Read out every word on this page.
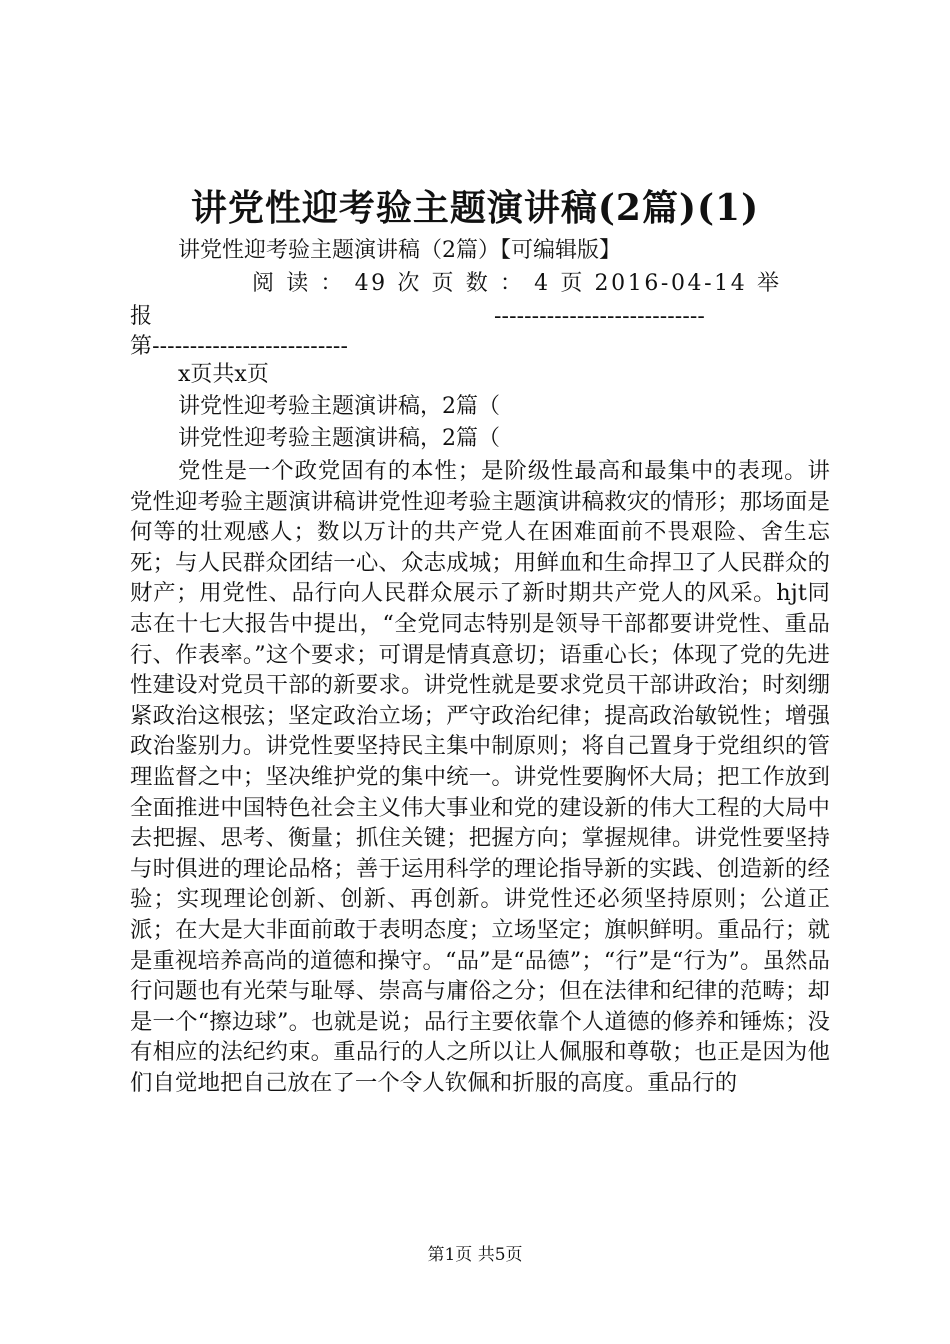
讲党性迎考验主题演讲稿(2篇)(1)
讲党性迎考验主题演讲稿（2篇）【可编辑版】
阅 读 ： 49 次 页 数 ： 4 页 2016-04-14 举
报	----------------------------
第--------------------------
x页共x页
讲党性迎考验主题演讲稿，2篇（
讲党性迎考验主题演讲稿，2篇（
党性是一个政党固有的本性；是阶级性最高和最集中的表现。讲党性迎考验主题演讲稿讲党性迎考验主题演讲稿救灾的情形；那场面是何等的壮观感人；数以万计的共产党人在困难面前不畏艰险、舍生忘死；与人民群众团结一心、众志成城；用鲜血和生命捍卫了人民群众的财产；用党性、品行向人民群众展示了新时期共产党人的风采。hjt同志在十七大报告中提出，“全党同志特别是领导干部都要讲党性、重品行、作表率。”这个要求；可谓是情真意切；语重心长；体现了党的先进性建设对党员干部的新要求。讲党性就是要求党员干部讲政治；时刻绷紧政治这根弦；坚定政治立场；严守政治纪律；提高政治敏锐性；增强政治鉴别力。讲党性要坚持民主集中制原则；将自己置身于党组织的管理监督之中；坚决维护党的集中统一。讲党性要胸怀大局；把工作放到全面推进中国特色社会主义伟大事业和党的建设新的伟大工程的大局中去把握、思考、衡量；抓住关键；把握方向；掌握规律。讲党性要坚持与时俱进的理论品格；善于运用科学的理论指导新的实践、创造新的经验；实现理论创新、创新、再创新。讲党性还必须坚持原则；公道正派；在大是大非面前敢于表明态度；立场坚定；旗帜鲜明。重品行；就是重视培养高尚的道德和操守。“品”是“品德”；“行”是“行为”。虽然品行问题也有光荣与耻辱、崇高与庸俗之分；但在法律和纪律的范畴；却是一个“擦边球”。也就是说；品行主要依靠个人道德的修养和锤炼；没有相应的法纪约束。重品行的人之所以让人佩服和尊敬；也正是因为他们自觉地把自己放在了一个令人钦佩和折服的高度。重品行的
第1页 共5页
